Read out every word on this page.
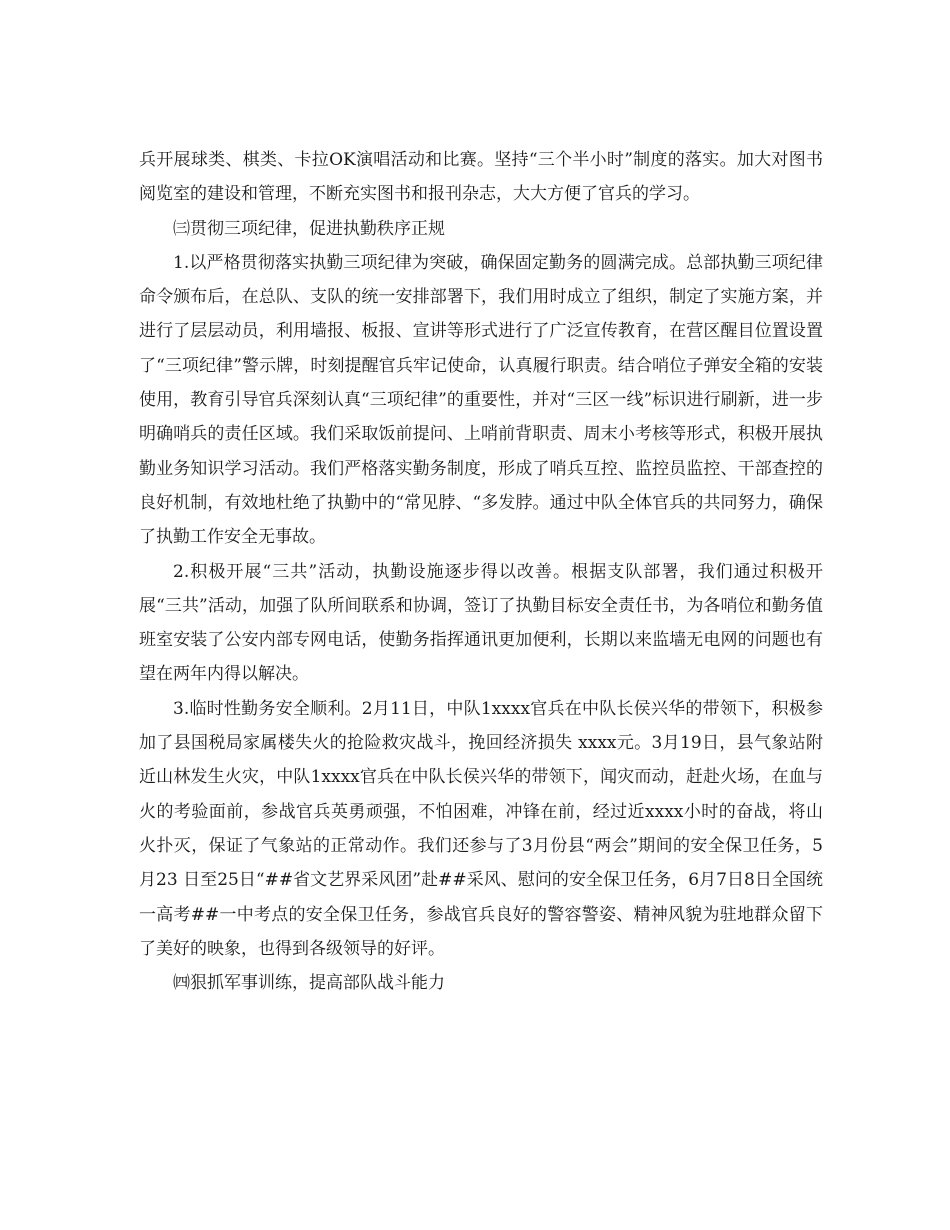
兵开展球类、棋类、卡拉OK演唱活动和比赛。坚持“三个半小时”制度的落实。加大对图书阅览室的建设和管理，不断充实图书和报刊杂志，大大方便了官兵的学习。

㈢贯彻三项纪律，促进执勤秩序正规

1.以严格贯彻落实执勤三项纪律为突破，确保固定勤务的圆满完成。总部执勤三项纪律命令颁布后，在总队、支队的统一安排部署下，我们用时成立了组织，制定了实施方案，并进行了层层动员，利用墙报、板报、宣讲等形式进行了广泛宣传教育，在营区醒目位置设置了“三项纪律”警示牌，时刻提醒官兵牢记使命，认真履行职责。结合哨位子弹安全箱的安装使用，教育引导官兵深刻认真“三项纪律”的重要性，并对“三区一线”标识进行刷新，进一步明确哨兵的责任区域。我们采取饭前提问、上哨前背职责、周末小考核等形式，积极开展执勤业务知识学习活动。我们严格落实勤务制度，形成了哨兵互控、监控员监控、干部查控的良好机制，有效地杜绝了执勤中的“常见脖、“多发脖。通过中队全体官兵的共同努力，确保了执勤工作安全无事故。

2.积极开展“三共”活动，执勤设施逐步得以改善。根据支队部署，我们通过积极开展“三共”活动，加强了队所间联系和协调，签订了执勤目标安全责任书，为各哨位和勤务值班室安装了公安内部专网电话，使勤务指挥通讯更加便利，长期以来监墙无电网的问题也有望在两年内得以解决。

3.临时性勤务安全顺利。2月11日，中队1xxxx官兵在中队长侯兴华的带领下，积极参加了县国税局家属楼失火的抢险救灾战斗，挽回经济损失 xxxx元。3月19日，县气象站附近山林发生火灾，中队1xxxx官兵在中队长侯兴华的带领下，闻灾而动，赶赴火场，在血与火的考验面前，参战官兵英勇顽强，不怕困难，冲锋在前，经过近xxxx小时的奋战，将山火扑灭，保证了气象站的正常动作。我们还参与了3月份县“两会”期间的安全保卫任务，5月23 日至25日“##省文艺界采风团”赴##采风、慰问的安全保卫任务，6月7日8日全国统一高考##一中考点的安全保卫任务，参战官兵良好的警容警姿、精神风貌为驻地群众留下了美好的映象，也得到各级领导的好评。

㈣狠抓军事训练，提高部队战斗能力
